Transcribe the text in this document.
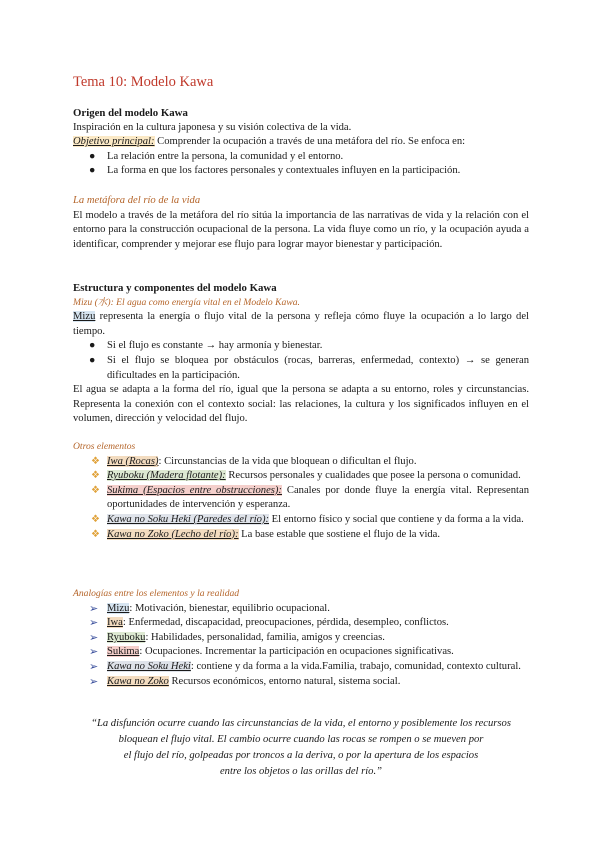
Tema 10: Modelo Kawa
Origen del modelo Kawa
Inspiración en la cultura japonesa y su visión colectiva de la vida.
Objetivo principal: Comprender la ocupación a través de una metáfora del río. Se enfoca en:
● La relación entre la persona, la comunidad y el entorno.
● La forma en que los factores personales y contextuales influyen en la participación.
La metáfora del río de la vida
El modelo a través de la metáfora del río sitúa la importancia de las narrativas de vida y la relación con el entorno para la construcción ocupacional de la persona. La vida fluye como un río, y la ocupación ayuda a identificar, comprender y mejorar ese flujo para lograr mayor bienestar y participación.
Estructura y componentes del modelo Kawa
Mizu (水): El agua como energía vital en el Modelo Kawa.
Mizu representa la energía o flujo vital de la persona y refleja cómo fluye la ocupación a lo largo del tiempo.
● Si el flujo es constante → hay armonía y bienestar.
● Si el flujo se bloquea por obstáculos (rocas, barreras, enfermedad, contexto) → se generan dificultades en la participación.
El agua se adapta a la forma del río, igual que la persona se adapta a su entorno, roles y circunstancias. Representa la conexión con el contexto social: las relaciones, la cultura y los significados influyen en el volumen, dirección y velocidad del flujo.
Otros elementos
❖ Iwa (Rocas): Circunstancias de la vida que bloquean o dificultan el flujo.
❖ Ryuboku (Madera flotante): Recursos personales y cualidades que posee la persona o comunidad.
❖ Sukima (Espacios entre obstrucciones): Canales por donde fluye la energía vital. Representan oportunidades de intervención y esperanza.
❖ Kawa no Soku Heki (Paredes del río): El entorno físico y social que contiene y da forma a la vida.
❖ Kawa no Zoko (Lecho del río): La base estable que sostiene el flujo de la vida.
Analogías entre los elementos y la realidad
➢ Mizu: Motivación, bienestar, equilibrio ocupacional.
➢ Iwa: Enfermedad, discapacidad, preocupaciones, pérdida, desempleo, conflictos.
➢ Ryuboku: Habilidades, personalidad, familia, amigos y creencias.
➢ Sukima: Ocupaciones. Incrementar la participación en ocupaciones significativas.
➢ Kawa no Soku Heki: contiene y da forma a la vida.Familia, trabajo, comunidad, contexto cultural.
➢ Kawa no Zoko Recursos económicos, entorno natural, sistema social.
“La disfunción ocurre cuando las circunstancias de la vida, el entorno y posiblemente los recursos
bloquean el flujo vital. El cambio ocurre cuando las rocas se rompen o se mueven por
el flujo del río, golpeadas por troncos a la deriva, o por la apertura de los espacios
entre los objetos o las orillas del río.”
